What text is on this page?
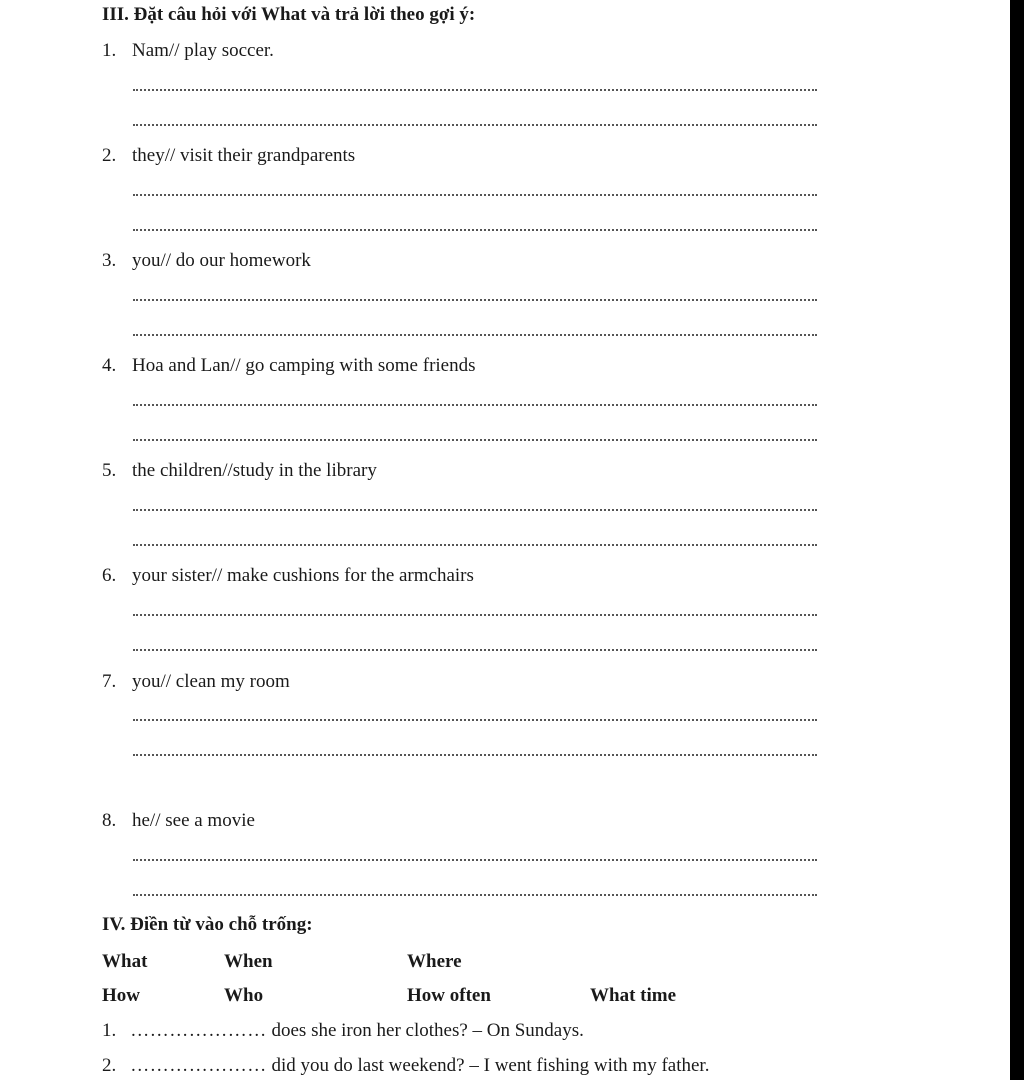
III. Đặt câu hỏi với What và trả lời theo gợi ý:
1. Nam// play soccer.
2. they// visit their grandparents
3. you// do our homework
4. Hoa and Lan// go camping with some friends
5. the children//study in the library
6. your sister// make cushions for the armchairs
7. you// clean my room
8. he// see a movie
IV. Điền từ vào chỗ trống:
What	When	Where
How	Who	How often	What time
1. ………………… does she iron her clothes? – On Sundays.
2. ………………… did you do last weekend? – I went fishing with my father.
